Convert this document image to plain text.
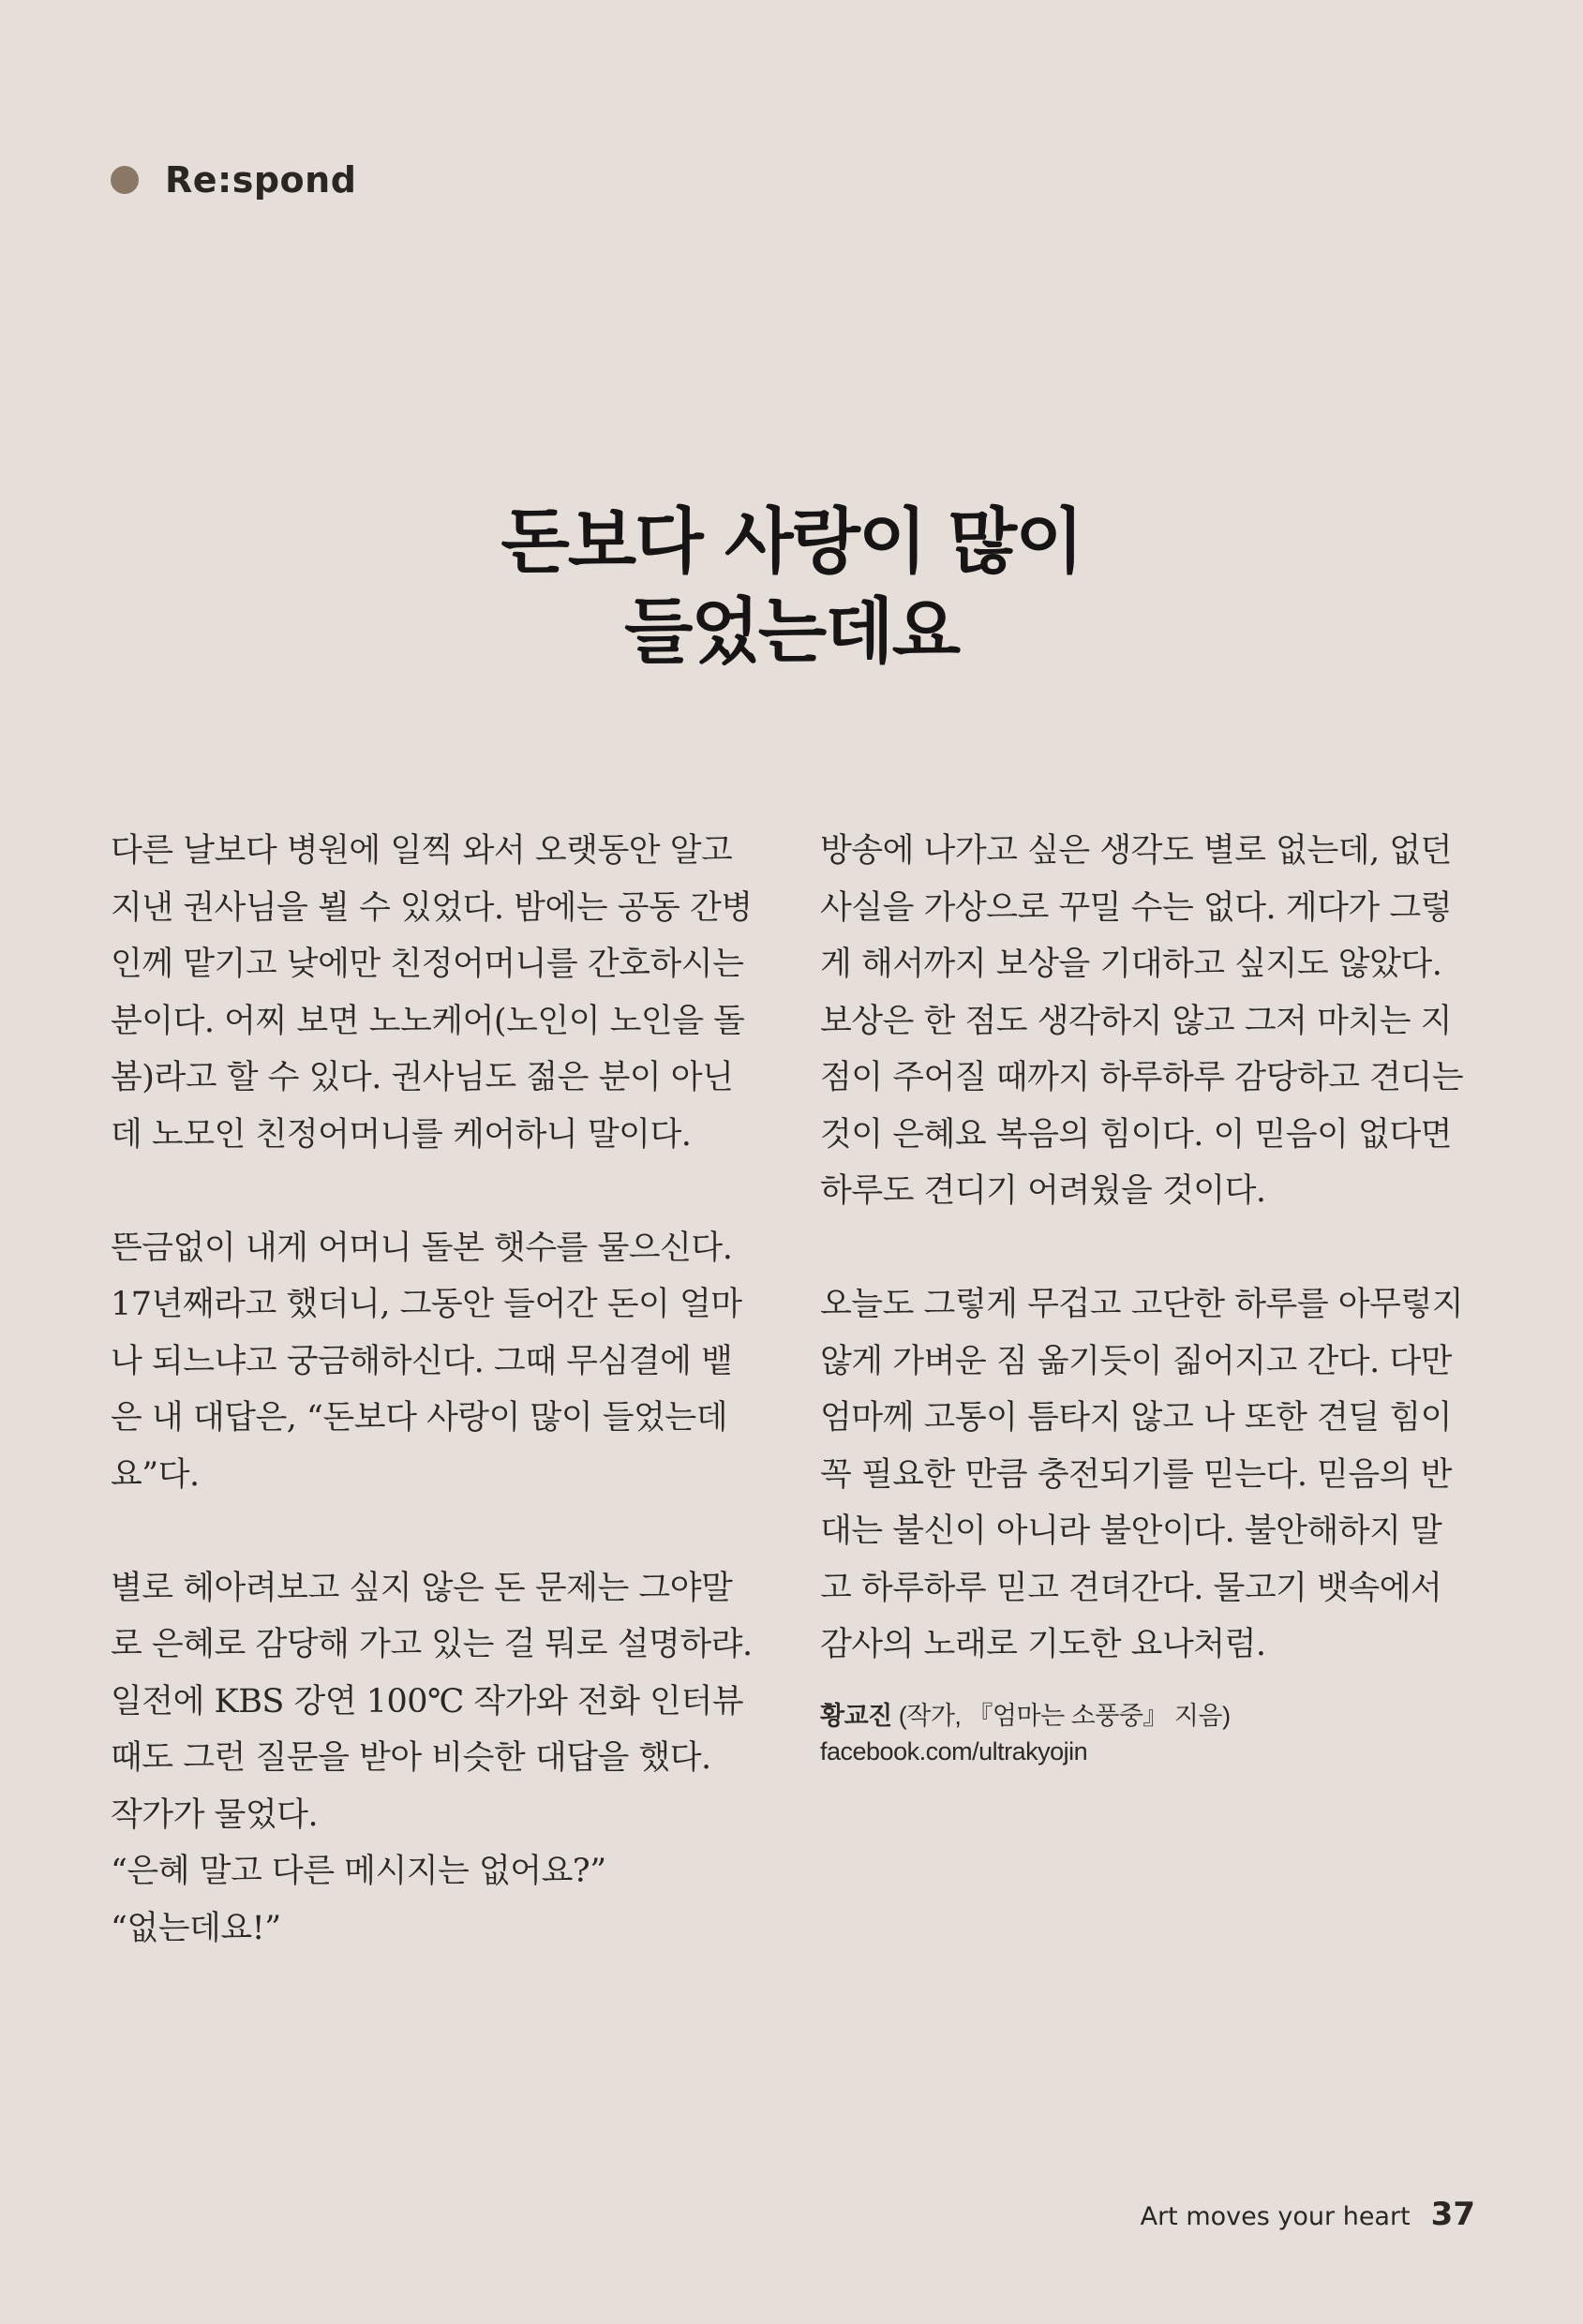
Re:spond
돈보다 사랑이 많이
들었는데요
다른 날보다 병원에 일찍 와서 오랫동안 알고
지낸 권사님을 뵐 수 있었다. 밤에는 공동 간병
인께 맡기고 낮에만 친정어머니를 간호하시는
분이다. 어찌 보면 노노케어(노인이 노인을 돌
봄)라고 할 수 있다. 권사님도 젊은 분이 아닌
데 노모인 친정어머니를 케어하니 말이다.
뜬금없이 내게 어머니 돌본 햇수를 물으신다.
17년째라고 했더니, 그동안 들어간 돈이 얼마
나 되느냐고 궁금해하신다. 그때 무심결에 뱉
은 내 대답은, “돈보다 사랑이 많이 들었는데
요”다.
별로 헤아려보고 싶지 않은 돈 문제는 그야말
로 은혜로 감당해 가고 있는 걸 뭐로 설명하랴.
일전에 KBS 강연 100℃ 작가와 전화 인터뷰
때도 그런 질문을 받아 비슷한 대답을 했다.
작가가 물었다.
“은혜 말고 다른 메시지는 없어요?”
“없는데요!”
방송에 나가고 싶은 생각도 별로 없는데, 없던
사실을 가상으로 꾸밀 수는 없다. 게다가 그렇
게 해서까지 보상을 기대하고 싶지도 않았다.
보상은 한 점도 생각하지 않고 그저 마치는 지
점이 주어질 때까지 하루하루 감당하고 견디는
것이 은혜요 복음의 힘이다. 이 믿음이 없다면
하루도 견디기 어려웠을 것이다.
오늘도 그렇게 무겁고 고단한 하루를 아무렇지
않게 가벼운 짐 옮기듯이 짊어지고 간다. 다만
엄마께 고통이 틈타지 않고 나 또한 견딜 힘이
꼭 필요한 만큼 충전되기를 믿는다. 믿음의 반
대는 불신이 아니라 불안이다. 불안해하지 말
고 하루하루 믿고 견뎌간다. 물고기 뱃속에서
감사의 노래로 기도한 요나처럼.
황교진 (작가, 『엄마는 소풍중』 지음)
facebook.com/ultrakyojin
Art moves your heart 37
